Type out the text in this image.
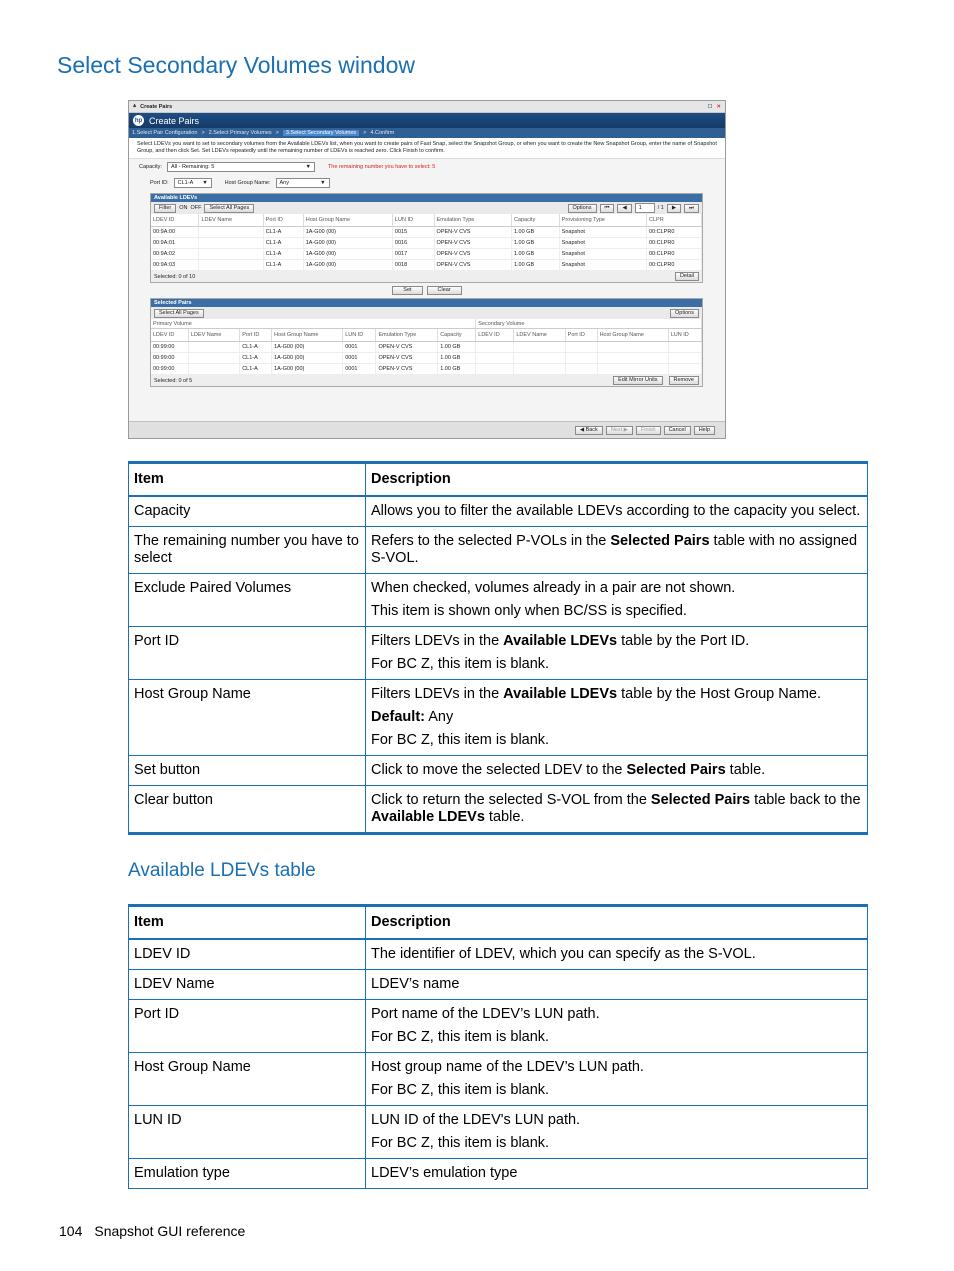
Select Secondary Volumes window
⩓ Create Pairs	☐ ✕
hp Create Pairs
1.Select Pair Configuration > 2.Select Primary Volumes >	3.Select Secondary Volumes	> 4.Confirm
Select LDEVs you want to set to secondary volumes from the Available LDEVs list, when you want to create pairs of Fast Snap, select the Snapshot Group, or when you want to create the New Snapshot Group, enter the name of Snapshot Group, and then click Set. Set LDEVs repeatedly until the remaining number of LDEVs is reached zero. Click Finish to confirm.
Capacity: All - Remaining: 5	▼	The remaining number you have to select: 5
Port ID: CL1-A ▼	Host Group Name: Any	▼
Available LDEVs
Filter	ON OFF	Select All Pages	Options	⏮	◀	1	/ 1	▶	⏭
LDEV ID	LDEV Name	Port ID	Host Group Name	LUN ID	Emulation Type	Capacity	Provisioning Type	CLPR
00:9A:00		CL1-A	1A-G00 (00)	0015	OPEN-V CVS	1.00 GB	Snapshot	00:CLPR0
00:9A:01		CL1-A	1A-G00 (00)	0016	OPEN-V CVS	1.00 GB	Snapshot	00:CLPR0
00:9A:02		CL1-A	1A-G00 (00)	0017	OPEN-V CVS	1.00 GB	Snapshot	00:CLPR0
00:9A:03		CL1-A	1A-G00 (00)	0018	OPEN-V CVS	1.00 GB	Snapshot	00:CLPR0
Selected: 0 of 10	Detail
Set	Clear
Selected Pairs
Select All Pages	Options
Primary Volume							Secondary Volume				
LDEV ID	LDEV Name	Port ID	Host Group Name	LUN ID	Emulation Type	Capacity	LDEV ID	LDEV Name	Port ID	Host Group Name	LUN ID
00:99:00		CL1-A	1A-G00 (00)	0001	OPEN-V CVS	1.00 GB					
00:99:00		CL1-A	1A-G00 (00)	0001	OPEN-V CVS	1.00 GB					
00:99:00		CL1-A	1A-G00 (00)	0001	OPEN-V CVS	1.00 GB					
Selected: 0 of 5	Edit Mirror Units	Remove
◀ Back	Next ▶	Finish	Cancel	Help
Item	Description
Capacity	Allows you to filter the available LDEVs according to the capacity you select.

The remaining number you have to select	Refers to the selected P-VOLs in the Selected Pairs table with no assigned S-VOL.

Exclude Paired Volumes	When checked, volumes already in a pair are not shown.

This item is shown only when BC/SS is specified.

Port ID	Filters LDEVs in the Available LDEVs table by the Port ID.

For BC Z, this item is blank.

Host Group Name	Filters LDEVs in the Available LDEVs table by the Host Group Name.

Default: Any

For BC Z, this item is blank.

Set button	Click to move the selected LDEV to the Selected Pairs table.

Clear button	Click to return the selected S-VOL from the Selected Pairs table back to the Available LDEVs table.

Available LDEVs table
Item	Description
LDEV ID	The identifier of LDEV, which you can specify as the S-VOL.

LDEV Name	LDEV’s name

Port ID	Port name of the LDEV’s LUN path.

For BC Z, this item is blank.

Host Group Name	Host group name of the LDEV’s LUN path.

For BC Z, this item is blank.

LUN ID	LUN ID of the LDEV's LUN path.

For BC Z, this item is blank.

Emulation type	LDEV’s emulation type

104 Snapshot GUI reference
